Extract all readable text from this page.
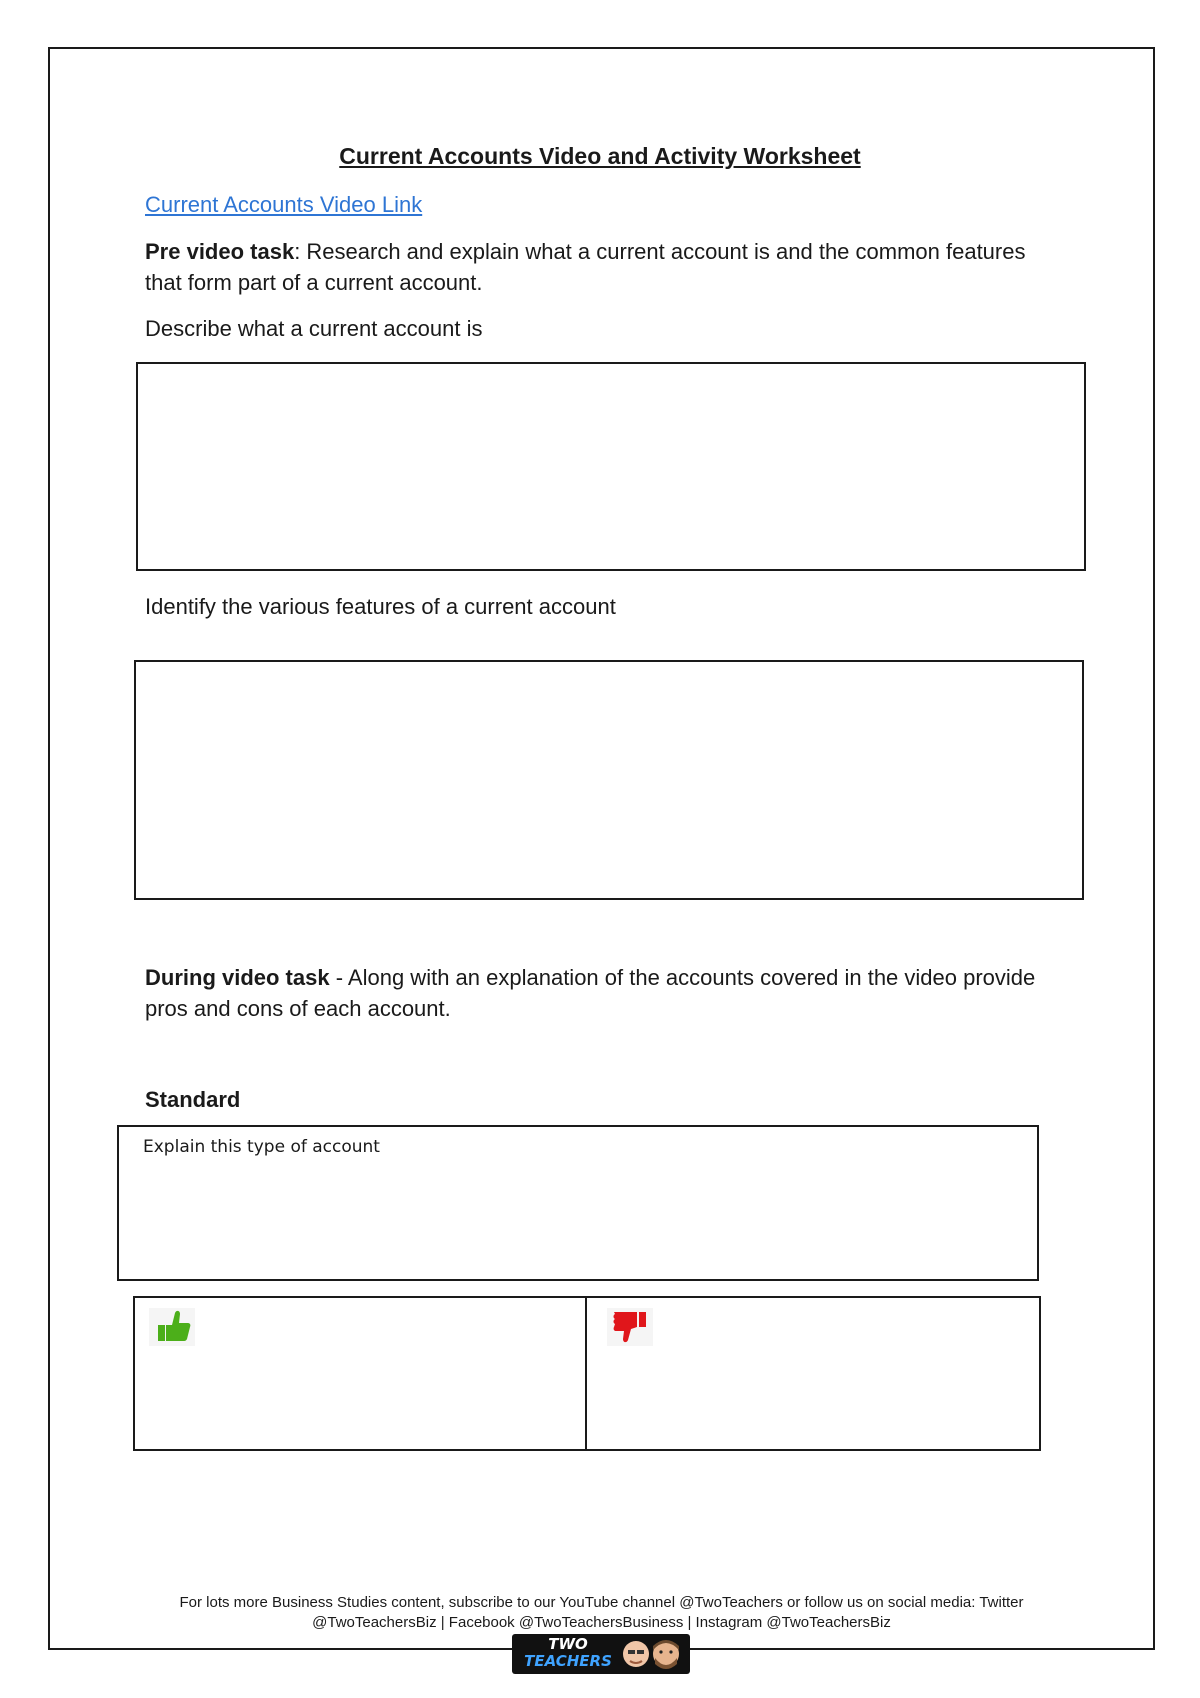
Current Accounts Video and Activity Worksheet
Current Accounts Video Link
Pre video task: Research and explain what a current account is and the common features that form part of a current account.
Describe what a current account is
Identify the various features of a current account
During video task - Along with an explanation of the accounts covered in the video provide pros and cons of each account.
Standard
Explain this type of account
For lots more Business Studies content, subscribe to our YouTube channel @TwoTeachers or follow us on social media: Twitter @TwoTeachersBiz | Facebook @TwoTeachersBusiness | Instagram @TwoTeachersBiz
TWO
TEACHERS
